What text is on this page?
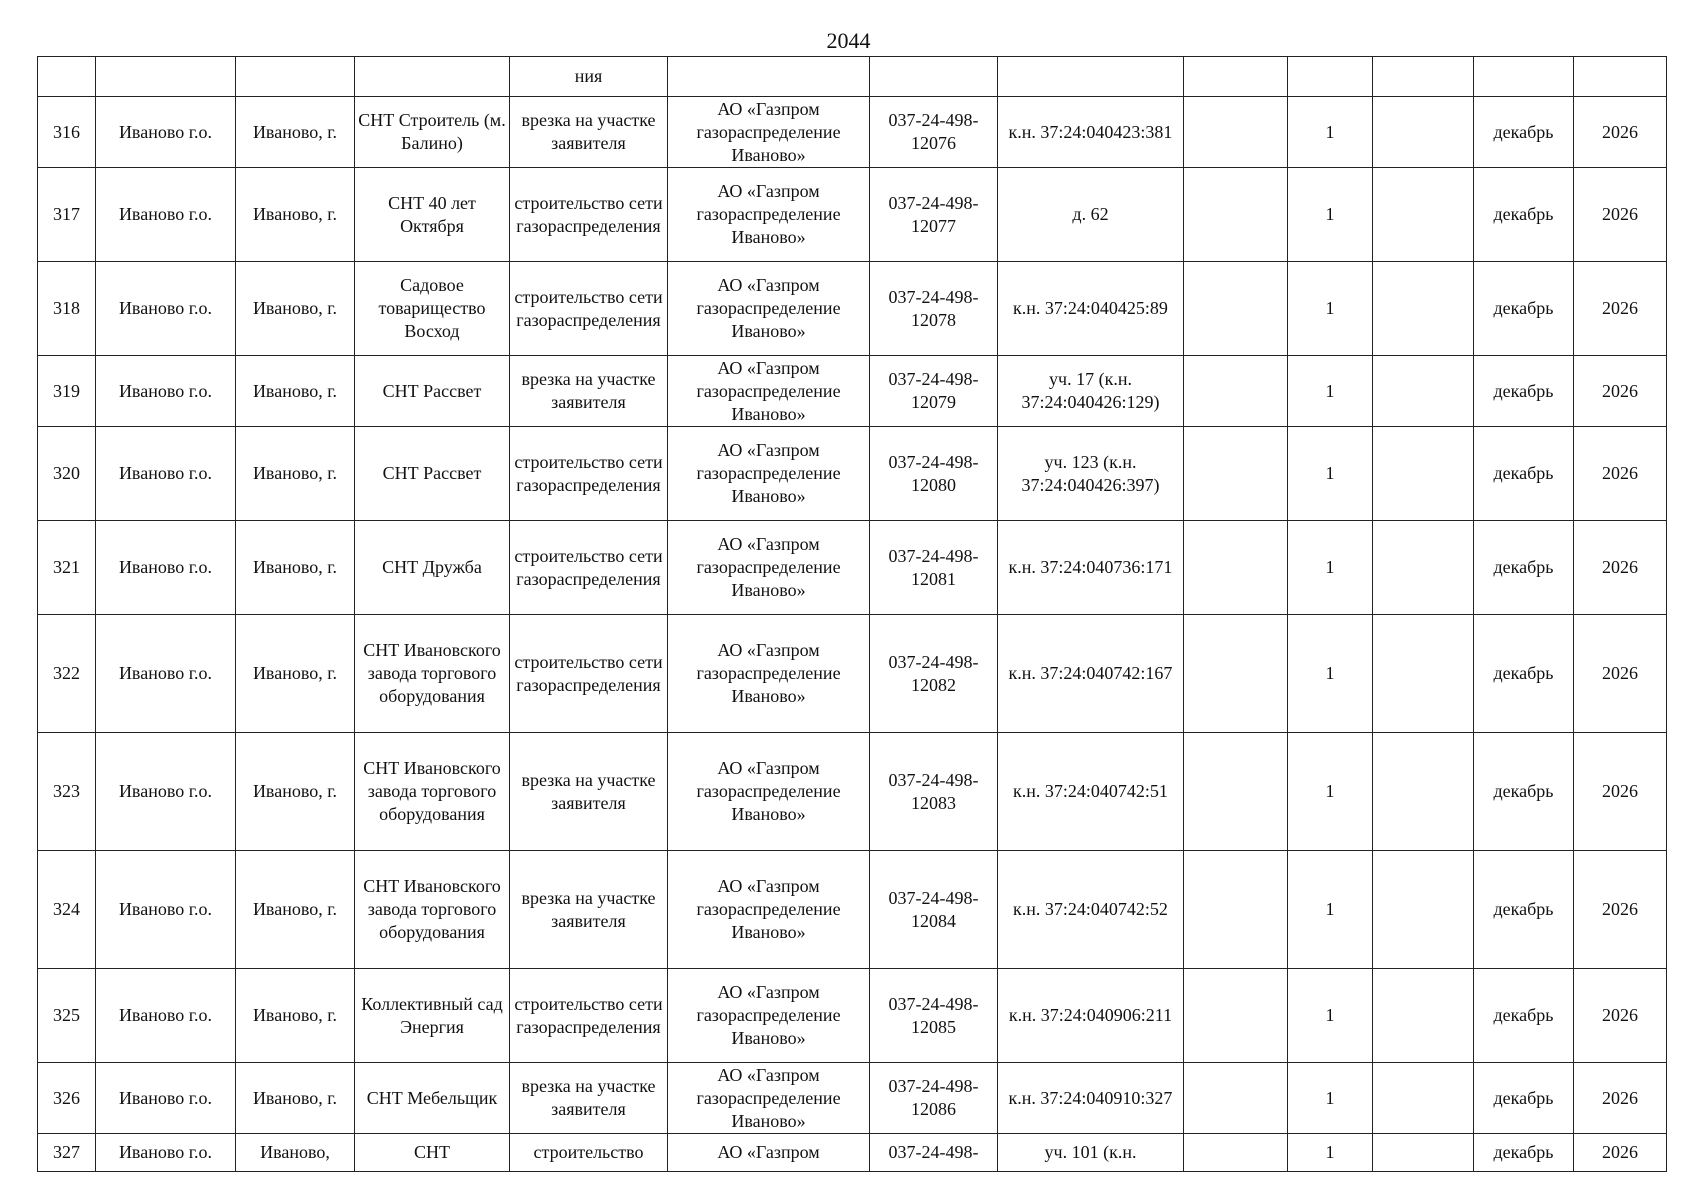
2044
				ния								
316	Иваново г.о.	Иваново, г.	СНТ Строитель (м. Балино)	врезка на участке заявителя	АО «Газпром газораспределение Иваново»	037-24-498-12076	к.н. 37:24:040423:381		1		декабрь	2026
317	Иваново г.о.	Иваново, г.	СНТ 40 лет Октября	строительство сети газораспределения	АО «Газпром газораспределение Иваново»	037-24-498-12077	д. 62		1		декабрь	2026
318	Иваново г.о.	Иваново, г.	Садовое товарищество Восход	строительство сети газораспределения	АО «Газпром газораспределение Иваново»	037-24-498-12078	к.н. 37:24:040425:89		1		декабрь	2026
319	Иваново г.о.	Иваново, г.	СНТ Рассвет	врезка на участке заявителя	АО «Газпром газораспределение Иваново»	037-24-498-12079	уч. 17 (к.н. 37:24:040426:129)		1		декабрь	2026
320	Иваново г.о.	Иваново, г.	СНТ Рассвет	строительство сети газораспределения	АО «Газпром газораспределение Иваново»	037-24-498-12080	уч. 123 (к.н. 37:24:040426:397)		1		декабрь	2026
321	Иваново г.о.	Иваново, г.	СНТ Дружба	строительство сети газораспределения	АО «Газпром газораспределение Иваново»	037-24-498-12081	к.н. 37:24:040736:171		1		декабрь	2026
322	Иваново г.о.	Иваново, г.	СНТ Ивановского завода торгового оборудования	строительство сети газораспределения	АО «Газпром газораспределение Иваново»	037-24-498-12082	к.н. 37:24:040742:167		1		декабрь	2026
323	Иваново г.о.	Иваново, г.	СНТ Ивановского завода торгового оборудования	врезка на участке заявителя	АО «Газпром газораспределение Иваново»	037-24-498-12083	к.н. 37:24:040742:51		1		декабрь	2026
324	Иваново г.о.	Иваново, г.	СНТ Ивановского завода торгового оборудования	врезка на участке заявителя	АО «Газпром газораспределение Иваново»	037-24-498-12084	к.н. 37:24:040742:52		1		декабрь	2026
325	Иваново г.о.	Иваново, г.	Коллективный сад Энергия	строительство сети газораспределения	АО «Газпром газораспределение Иваново»	037-24-498-12085	к.н. 37:24:040906:211		1		декабрь	2026
326	Иваново г.о.	Иваново, г.	СНТ Мебельщик	врезка на участке заявителя	АО «Газпром газораспределение Иваново»	037-24-498-12086	к.н. 37:24:040910:327		1		декабрь	2026
327	Иваново г.о.	Иваново,	СНТ	строительство	АО «Газпром	037-24-498-	уч. 101 (к.н.		1		декабрь	2026
